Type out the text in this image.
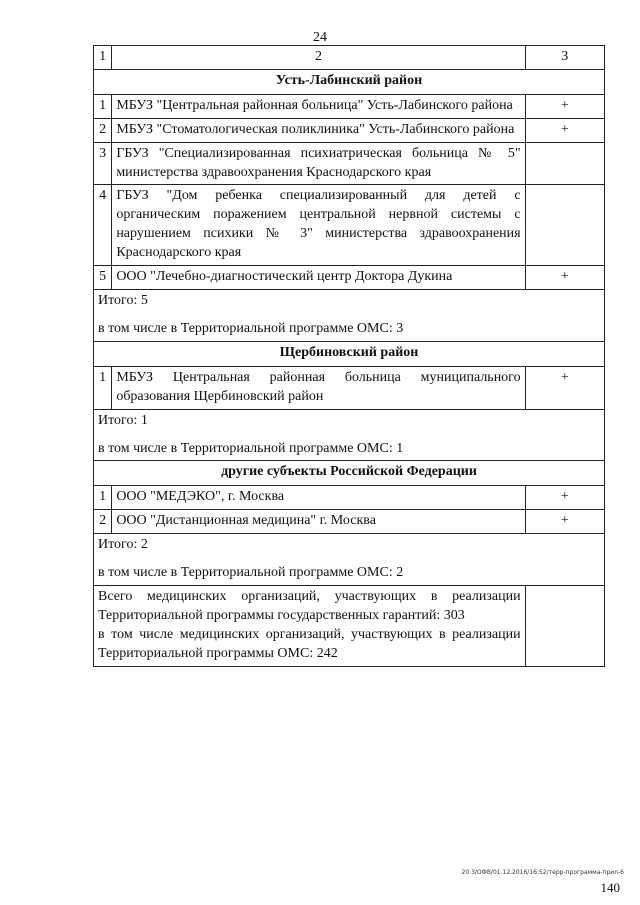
24
1	2	3
Усть-Лабинский район		
1	МБУЗ "Центральная районная больница" Усть-Лабинского района	+
2	МБУЗ "Стоматологическая поликлиника" Усть-Лабинского района	+
3	ГБУЗ "Специализированная психиатрическая больница № 5" министерства здравоохранения Краснодарского края	
4	ГБУЗ "Дом ребенка специализированный для детей с органическим поражением центральной нервной системы с нарушением психики № 3" министерства здравоохранения Краснодарского края	
5	ООО "Лечебно-диагностический центр Доктора Дукина	+

Итого: 5
в том числе в Территориальной программе ОМС: 3		

Щербиновский район		
1	МБУЗ Центральная районная больница муниципального образования Щербиновский район	+

Итого: 1
в том числе в Территориальной программе ОМС: 1		

другие субъекты Российской Федерации		
1	ООО "МЕДЭКО", г. Москва	+
2	ООО "Дистанционная медицина" г. Москва	+

Итого: 2
в том числе в Территориальной программе ОМС: 2		

Всего медицинских организаций, участвующих в реализации Территориальной программы государственных гарантий: 303
в том числе медицинских организаций, участвующих в реализации Территориальной программы ОМС: 242		

20 3/ОФВ/01.12.2016/16:52/терр-программа-прил-6
140
